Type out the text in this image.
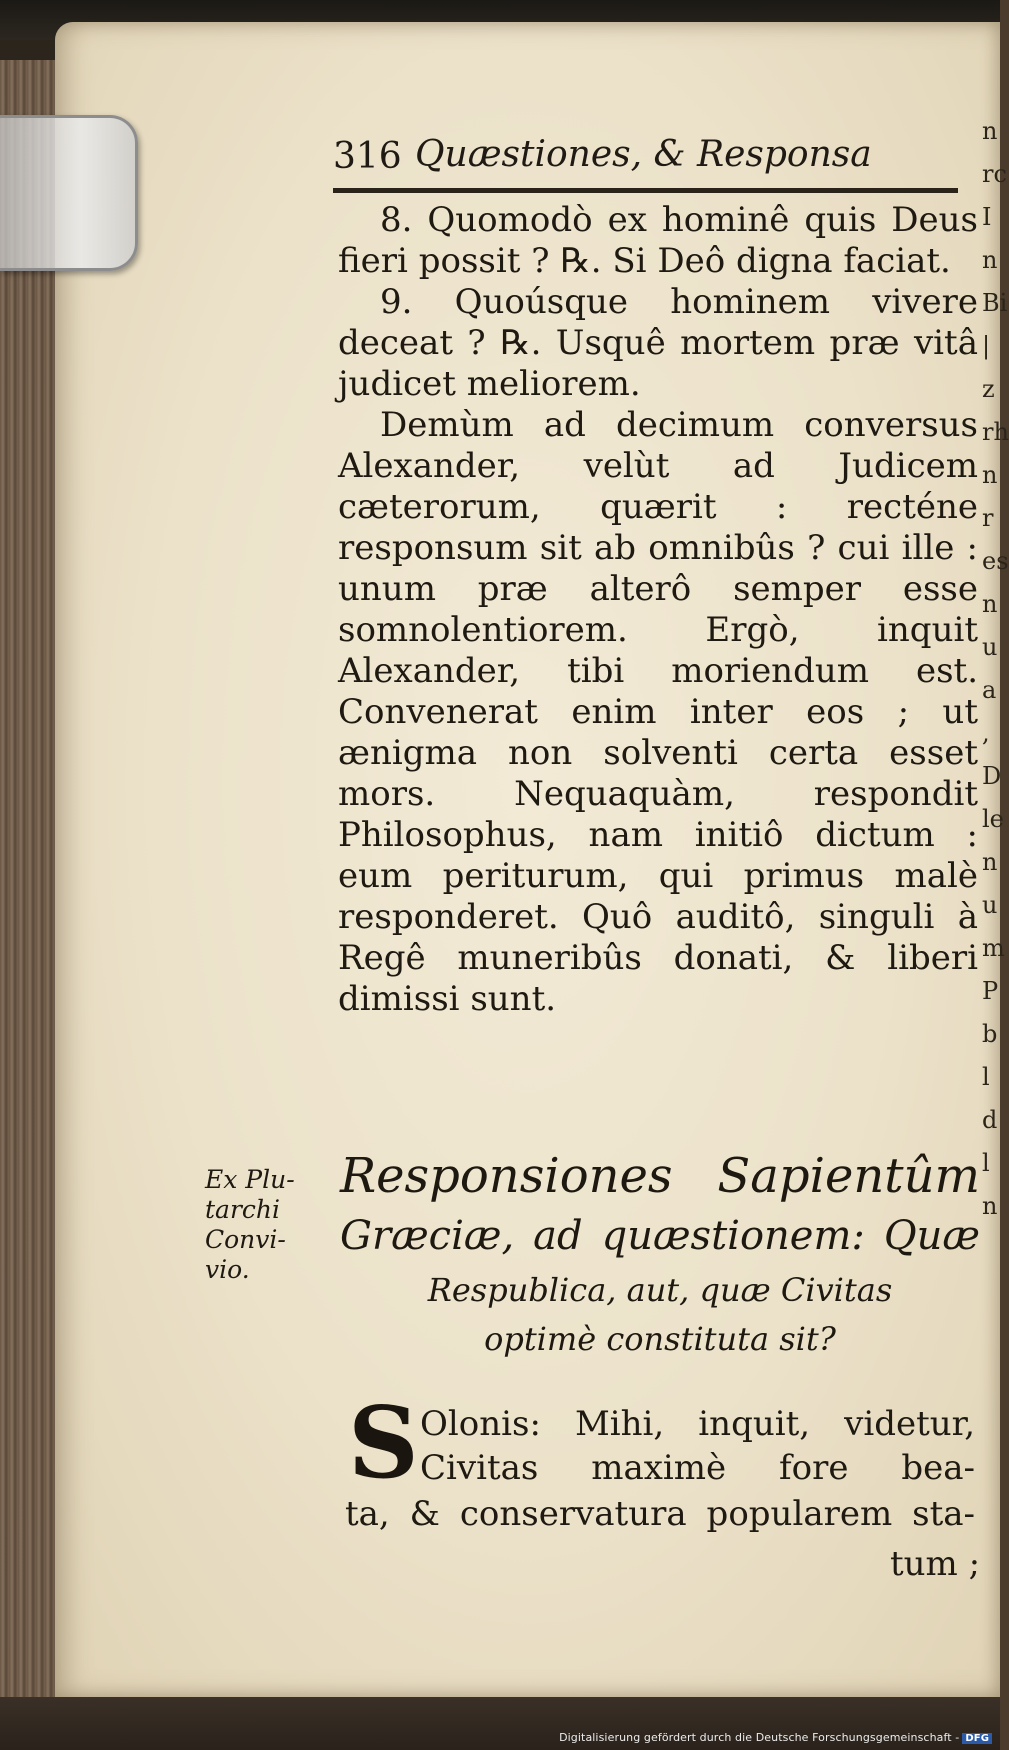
316 Quæstiones, & Responsa

8. Quomodò ex hominê quis Deus fieri possit ? ℞. Si Deô digna faciat.

9. Quoúsque hominem vivere deceat ? ℞. Usquê mortem præ vitâ judicet meliorem.

Demùm ad decimum conversus Alexander, velùt ad Judicem cæterorum, quærit : recténe responsum sit ab omnibûs ? cui ille : unum præ alterô semper esse somnolentiorem. Ergò, inquit Alexander, tibi moriendum est. Convenerat enim inter eos ; ut ænigma non solventi certa esset mors. Nequaquàm, respondit Philosophus, nam initiô dictum : eum periturum, qui primus malè responderet. Quô auditô, singuli à Regê muneribûs donati, & liberi dimissi sunt.

Ex Plu-
tarchi
Convi-
vio.
Responsiones Sapientûm
Græciæ, ad quæstionem: Quæ
Respublica, aut, quæ Civitas
optimè constituta sit?
S Olonis: Mihi, inquit, videtur, Civitas maximè fore bea-
ta, & conservatura popularem sta-
tum ;
n
rc
I
n
Bi
|
z
rh
n
r
es
n
u
a
,
D
le
n
u
m
P
b
l
d
l
n

Digitalisierung gefördert durch die Deutsche Forschungsgemeinschaft - DFG
